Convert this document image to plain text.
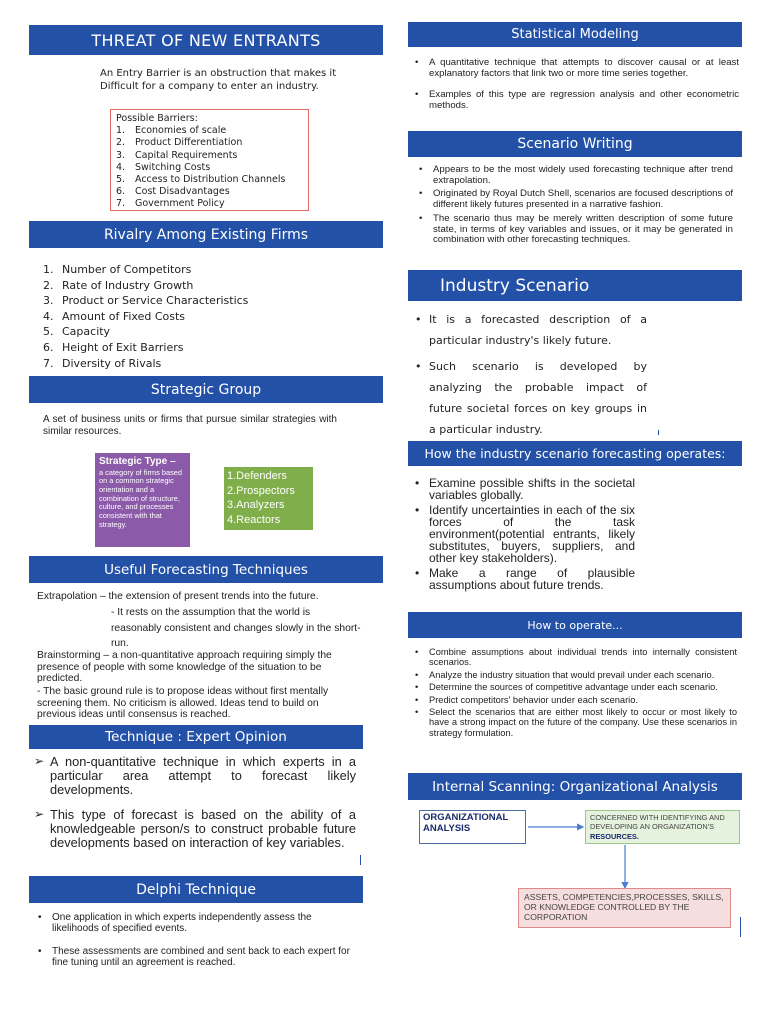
THREAT OF NEW ENTRANTS
An Entry Barrier is an obstruction that makes it Difficult for a company to enter an industry.
Possible Barriers:
1.	Economies of scale
2.	Product Differentiation
3.	Capital Requirements
4.	Switching Costs
5.	Access to Distribution Channels
6.	Cost Disadvantages
7.	Government Policy
Rivalry Among Existing Firms
1. Number of Competitors
2. Rate of Industry Growth
3. Product or Service Characteristics
4. Amount of Fixed Costs
5. Capacity
6. Height of Exit Barriers
7. Diversity of Rivals
Strategic Group
A set of business units or firms that pursue similar strategies with similar resources.
Strategic Type –
a category of firms based on a common strategic orientation and a combination of structure, culture, and processes consistent with that strategy.
1.Defenders
2.Prospectors
3.Analyzers
4.Reactors
Useful Forecasting Techniques
Extrapolation – the extension of present trends into the future.
- It rests on the assumption that the world is reasonably consistent and changes slowly in the short-run.
Brainstorming – a non-quantitative approach requiring simply the presence of people with some knowledge of the situation to be predicted.
- The basic ground rule is to propose ideas without first mentally screening them. No criticism is allowed. Ideas tend to build on previous ideas until consensus is reached.
Technique : Expert Opinion
➢ A non-quantitative technique in which experts in a particular area attempt to forecast likely developments.
➢ This type of forecast is based on the ability of a knowledgeable person/s to construct probable future developments based on interaction of key variables.
Delphi Technique
• One application in which experts independently assess the likelihoods of specified events.
• These assessments are combined and sent back to each expert for fine tuning until an agreement is reached.
Statistical Modeling
• A quantitative technique that attempts to discover causal or at least explanatory factors that link two or more time series together.
• Examples of this type are regression analysis and other econometric methods.
Scenario Writing
• Appears to be the most widely used forecasting technique after trend extrapolation.
• Originated by Royal Dutch Shell, scenarios are focused descriptions of different likely futures presented in a narrative fashion.
• The scenario thus may be merely written description of some future state, in terms of key variables and issues, or it may be generated in combination with other forecasting techniques.
Industry Scenario
• It is a forecasted description of a particular industry's likely future.
• Such scenario is developed by analyzing the probable impact of future societal forces on key groups in a particular industry.
How the industry scenario forecasting operates:
• Examine possible shifts in the societal variables globally.
• Identify uncertainties in each of the six forces of the task environment(potential entrants, likely substitutes, buyers, suppliers, and other key stakeholders).
• Make a range of plausible assumptions about future trends.
How to operate...
• Combine assumptions about individual trends into internally consistent scenarios.
• Analyze the industry situation that would prevail under each scenario.
• Determine the sources of competitive advantage under each scenario.
• Predict competitors' behavior under each scenario.
• Select the scenarios that are either most likely to occur or most likely to have a strong impact on the future of the company. Use these scenarios in strategy formulation.
Internal Scanning: Organizational Analysis
ORGANIZATIONAL ANALYSIS
CONCERNED WITH IDENTIFYING AND DEVELOPING AN ORGANIZATION'S RESOURCES.
ASSETS, COMPETENCIES,PROCESSES, SKILLS, OR KNOWLEDGE CONTROLLED BY THE CORPORATION
